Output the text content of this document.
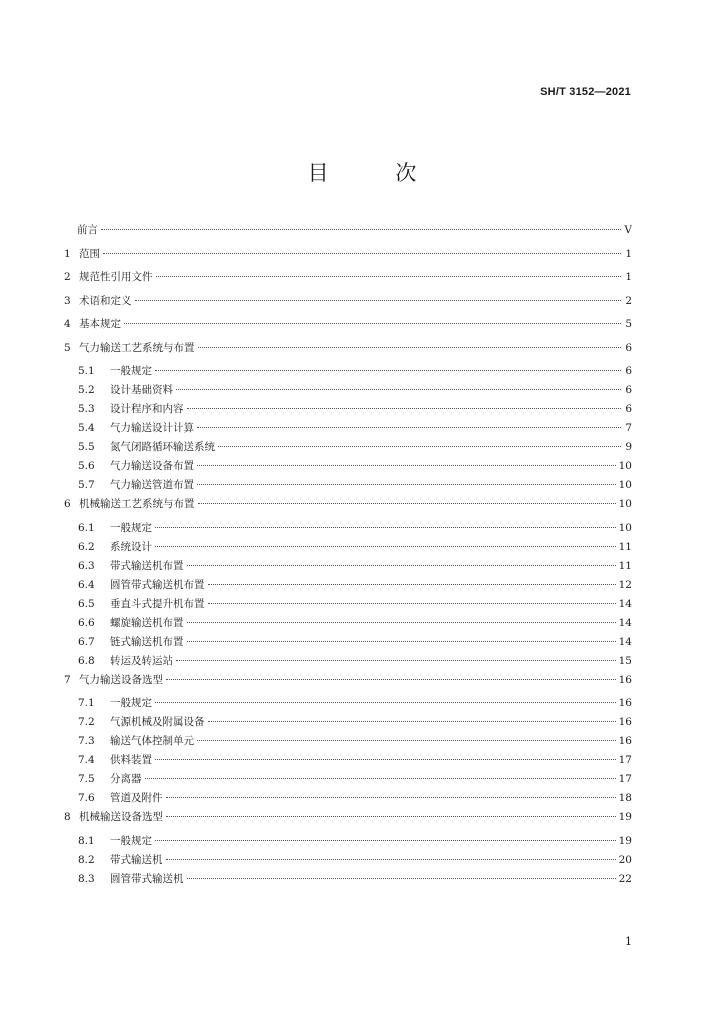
SH/T 3152—2021
目 次
前言	V
1 范围	1
2 规范性引用文件	1
3 术语和定义	2
4 基本规定	5
5 气力输送工艺系统与布置	6
5.1	一般规定	6
5.2	设计基础资料	6
5.3	设计程序和内容	6
5.4	气力输送设计计算	7
5.5	氮气闭路循环输送系统	9
5.6	气力输送设备布置	10
5.7	气力输送管道布置	10
6 机械输送工艺系统与布置	10
6.1	一般规定	10
6.2	系统设计	11
6.3	带式输送机布置	11
6.4	圆管带式输送机布置	12
6.5	垂直斗式提升机布置	14
6.6	螺旋输送机布置	14
6.7	链式输送机布置	14
6.8	转运及转运站	15
7 气力输送设备选型	16
7.1	一般规定	16
7.2	气源机械及附属设备	16
7.3	输送气体控制单元	16
7.4	供料装置	17
7.5	分离器	17
7.6	管道及附件	18
8 机械输送设备选型	19
8.1	一般规定	19
8.2	带式输送机	20
8.3	圆管带式输送机	22
1
